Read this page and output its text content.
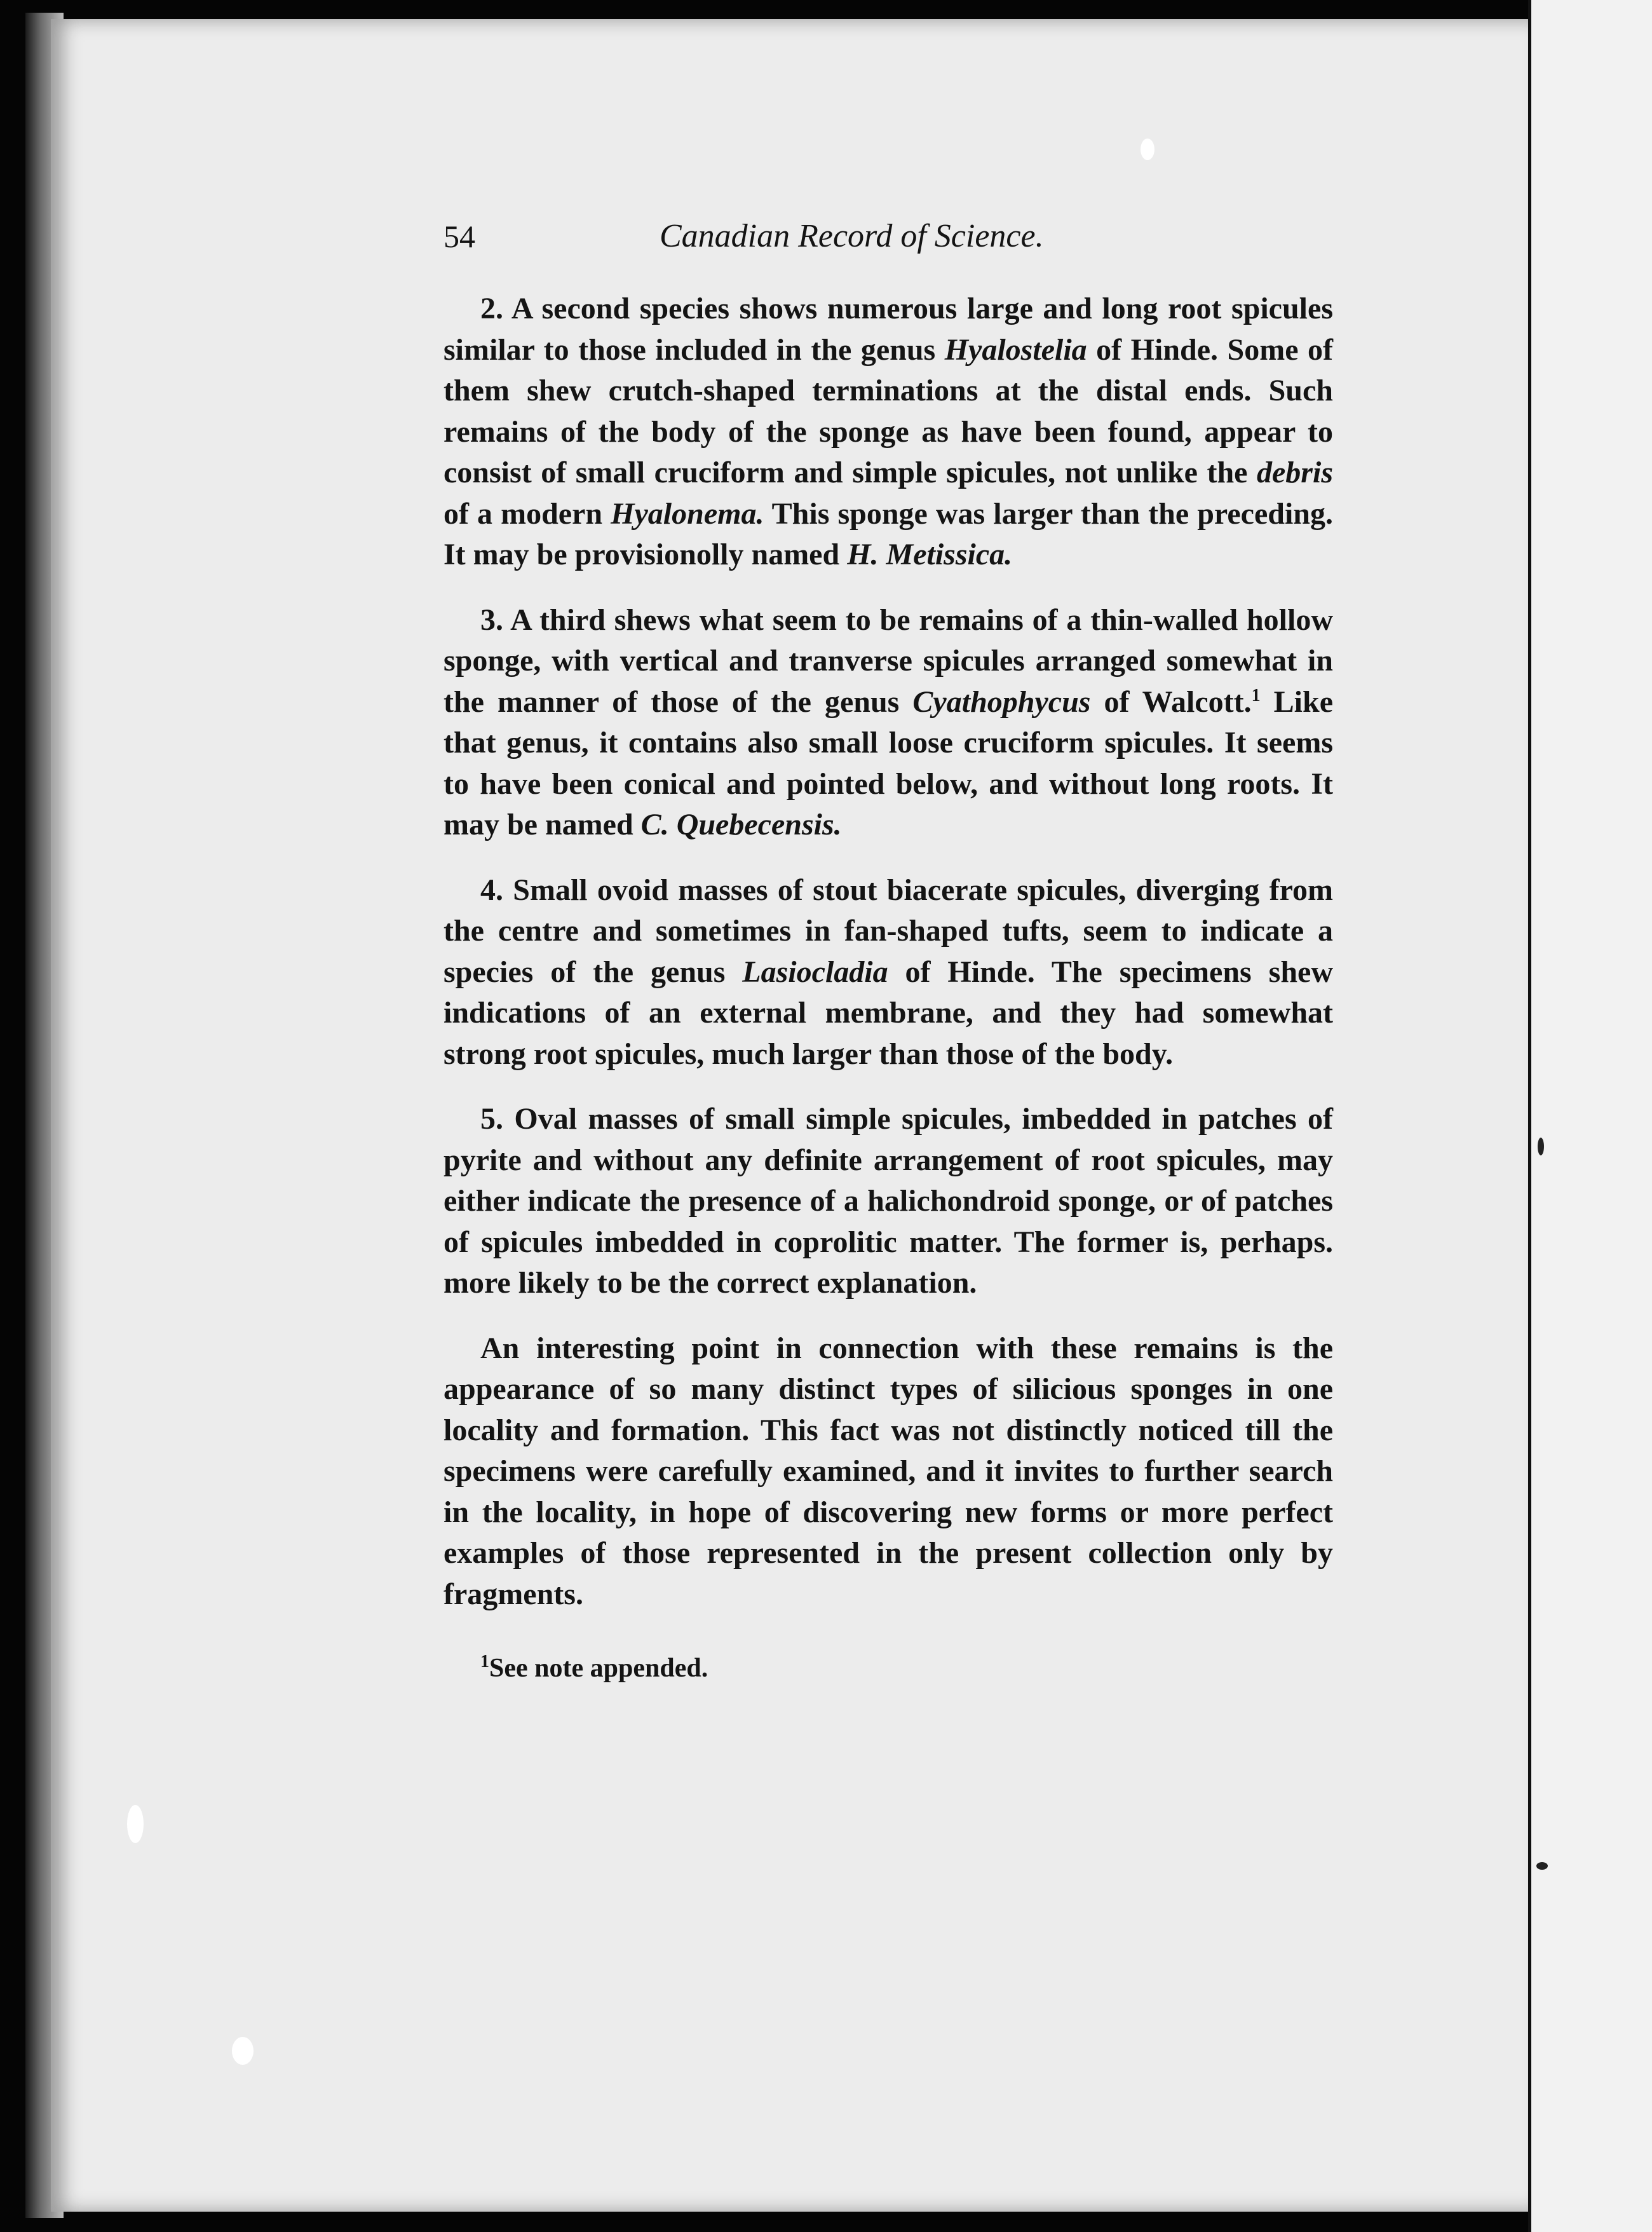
54	Canadian Record of Science.

2. A second species shows numerous large and long root spicules similar to those included in the genus Hyalostelia of Hinde. Some of them shew crutch-shaped terminations at the distal ends. Such remains of the body of the sponge as have been found, appear to consist of small cruciform and simple spicules, not unlike the debris of a modern Hyalonema. This sponge was larger than the preceding. It may be provisionolly named H. Metissica.

3. A third shews what seem to be remains of a thin-walled hollow sponge, with vertical and tranverse spicules arranged somewhat in the manner of those of the genus Cyathophycus of Walcott.$^1$ Like that genus, it contains also small loose cruciform spicules. It seems to have been conical and pointed below, and without long roots. It may be named C. Quebecensis.

4. Small ovoid masses of stout biacerate spicules, diverging from the centre and sometimes in fan-shaped tufts, seem to indicate a species of the genus Lasiocladia of Hinde. The specimens shew indications of an external membrane, and they had somewhat strong root spicules, much larger than those of the body.

5. Oval masses of small simple spicules, imbedded in patches of pyrite and without any definite arrangement of root spicules, may either indicate the presence of a halichondroid sponge, or of patches of spicules imbedded in coprolitic matter. The former is, perhaps. more likely to be the correct explanation.

An interesting point in connection with these remains is the appearance of so many distinct types of silicious sponges in one locality and formation. This fact was not distinctly noticed till the specimens were carefully examined, and it invites to further search in the locality, in hope of discovering new forms or more perfect examples of those represented in the present collection only by fragments.

$^1$See note appended.
